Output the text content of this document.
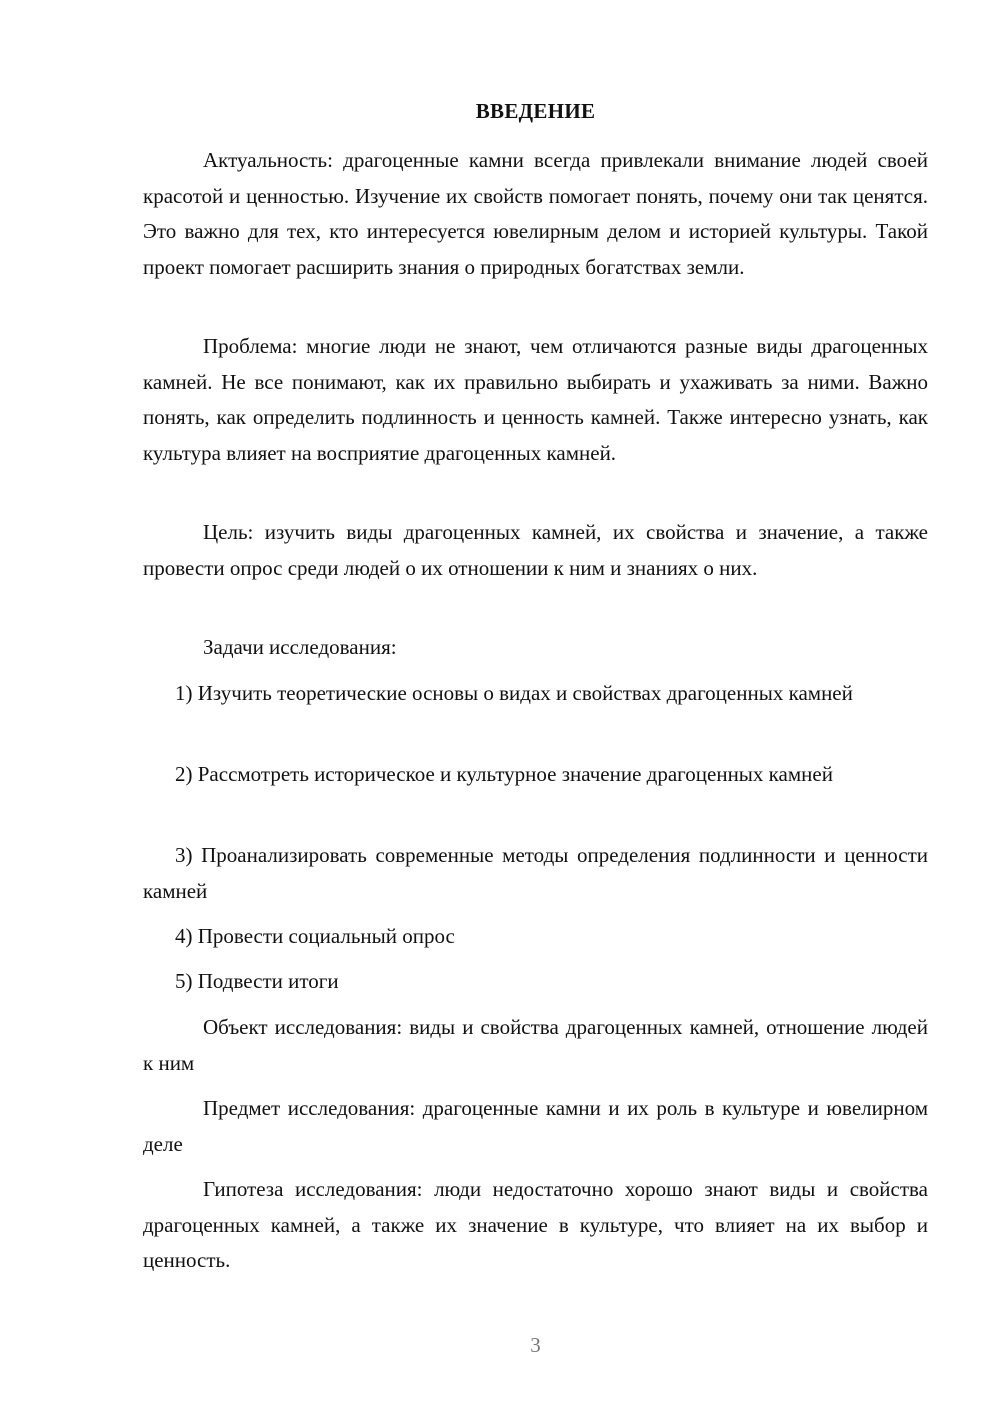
ВВЕДЕНИЕ

Актуальность: драгоценные камни всегда привлекали внимание людей своей красотой и ценностью. Изучение их свойств помогает понять, почему они так ценятся. Это важно для тех, кто интересуется ювелирным делом и историей культуры. Такой проект помогает расширить знания о природных богатствах земли.

Проблема: многие люди не знают, чем отличаются разные виды драгоценных камней. Не все понимают, как их правильно выбирать и ухаживать за ними. Важно понять, как определить подлинность и ценность камней. Также интересно узнать, как культура влияет на восприятие драгоценных камней.

Цель: изучить виды драгоценных камней, их свойства и значение, а также провести опрос среди людей о их отношении к ним и знаниях о них.

Задачи исследования:

1) Изучить теоретические основы о видах и свойствах драгоценных камней

2) Рассмотреть историческое и культурное значение драгоценных камней

3) Проанализировать современные методы определения подлинности и ценности камней

4) Провести социальный опрос

5) Подвести итоги

Объект исследования: виды и свойства драгоценных камней, отношение людей к ним

Предмет исследования: драгоценные камни и их роль в культуре и ювелирном деле

Гипотеза исследования: люди недостаточно хорошо знают виды и свойства драгоценных камней, а также их значение в культуре, что влияет на их выбор и ценность.

3
